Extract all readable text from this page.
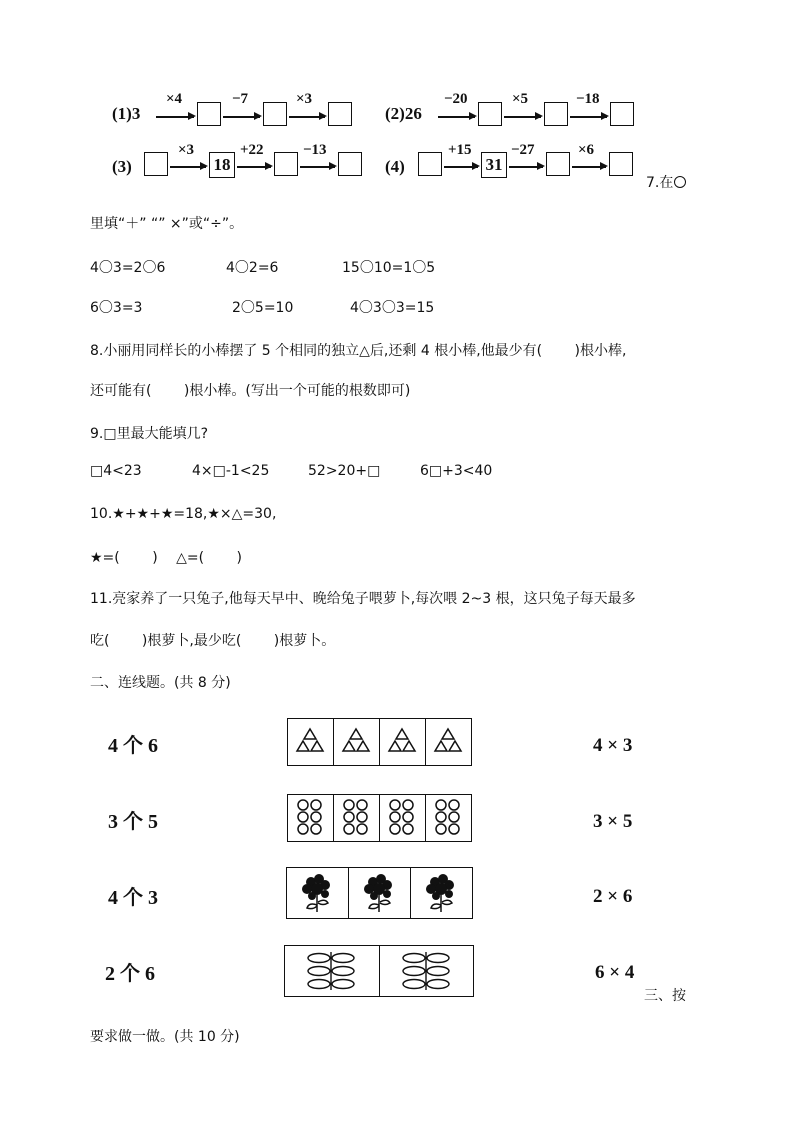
(1)3
×4	−7	×3
(2)26
−20	×5	−18
(3)
×3
18
+22	−13
(4)
+15
31
−27	×6
7.在
里填“＋” “” ×”或“÷”。
4〇3=2〇6	4〇2=6	15〇10=1〇5
6〇3=3	2〇5=10	4〇3〇3=15
8.小丽用同样长的小棒摆了 5 个相同的独立△后,还剩 4 根小棒,他最少有(　　 )根小棒,
还可能有(　　 )根小棒。(写出一个可能的根数即可)
9.□里最大能填几?
□4<23	4×□-1<25	52>20+□	6□+3<40
10.★+★+★=18,★×△=30,
★=(　　 )　 △=(　　 )
11.亮家养了一只兔子,他每天早中、晚给兔子喂萝卜,每次喂 2~3 根，这只兔子每天最多
吃(　　 )根萝卜,最少吃(　　 )根萝卜。
二、连线题。(共 8 分)
4 个 6
3 个 5
4 个 3
2 个 6
4 × 3
3 × 5
2 × 6
6 × 4
三、按
要求做一做。(共 10 分)
